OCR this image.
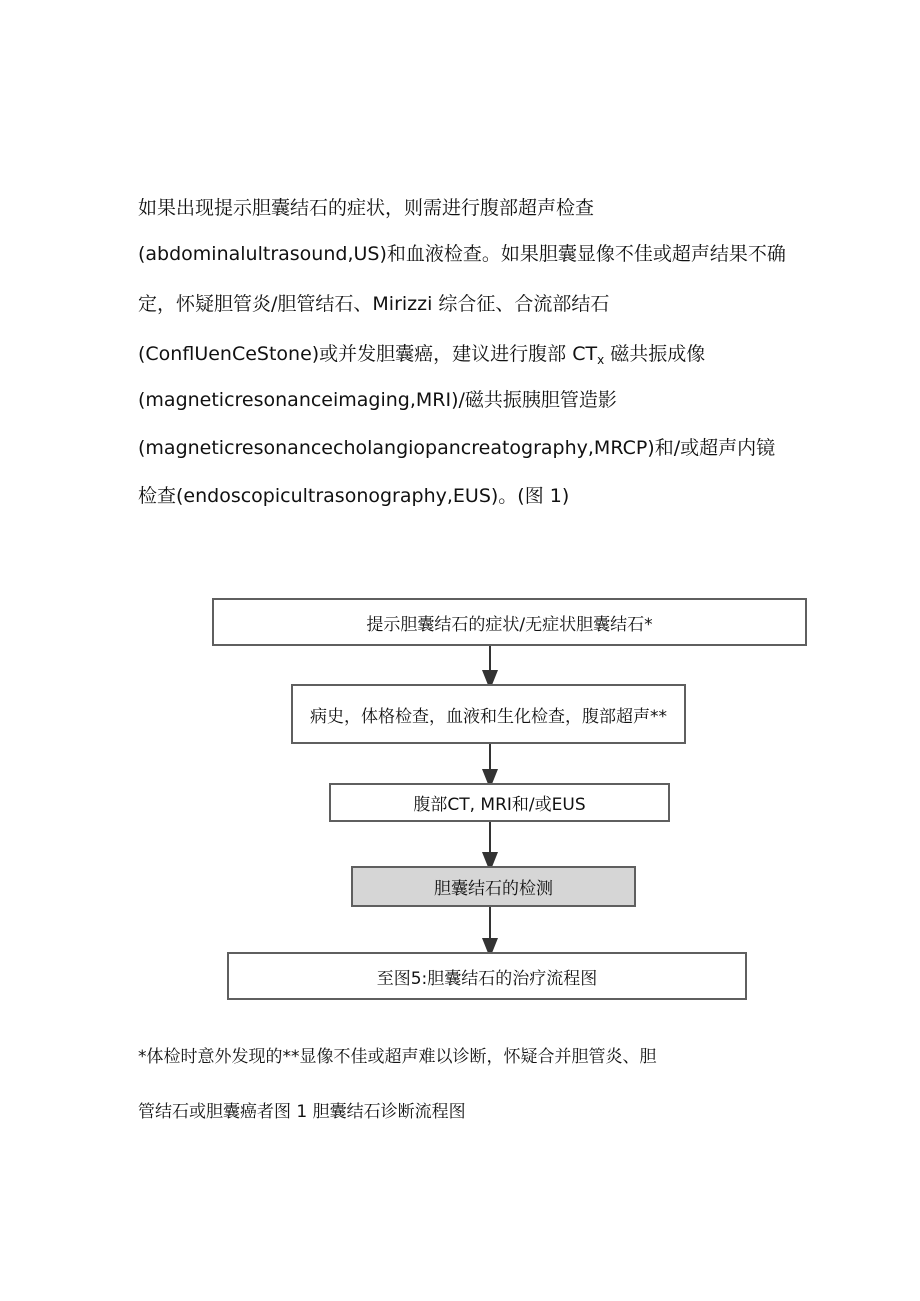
如果出现提示胆囊结石的症状，则需进行腹部超声检查
(abdominalultrasound,US)和血液检查。如果胆囊显像不佳或超声结果不确
定，怀疑胆管炎/胆管结石、Mirizzi 综合征、合流部结石
(ConflUenCeStone)或并发胆囊癌，建议进行腹部 $CT_x$ 磁共振成像
(magneticresonanceimaging,MRI)/磁共振胰胆管造影
(magneticresonancecholangiopancreatography,MRCP)和/或超声内镜
检查(endoscopicultrasonography,EUS)。(图 1)
提示胆囊结石的症状/无症状胆囊结石*
病史，体格检查，血液和生化检查，腹部超声**
腹部CT, MRI和/或EUS
胆囊结石的检测
至图5:胆囊结石的治疗流程图
*体检时意外发现的**显像不佳或超声难以诊断，怀疑合并胆管炎、胆
管结石或胆囊癌者图 1 胆囊结石诊断流程图
